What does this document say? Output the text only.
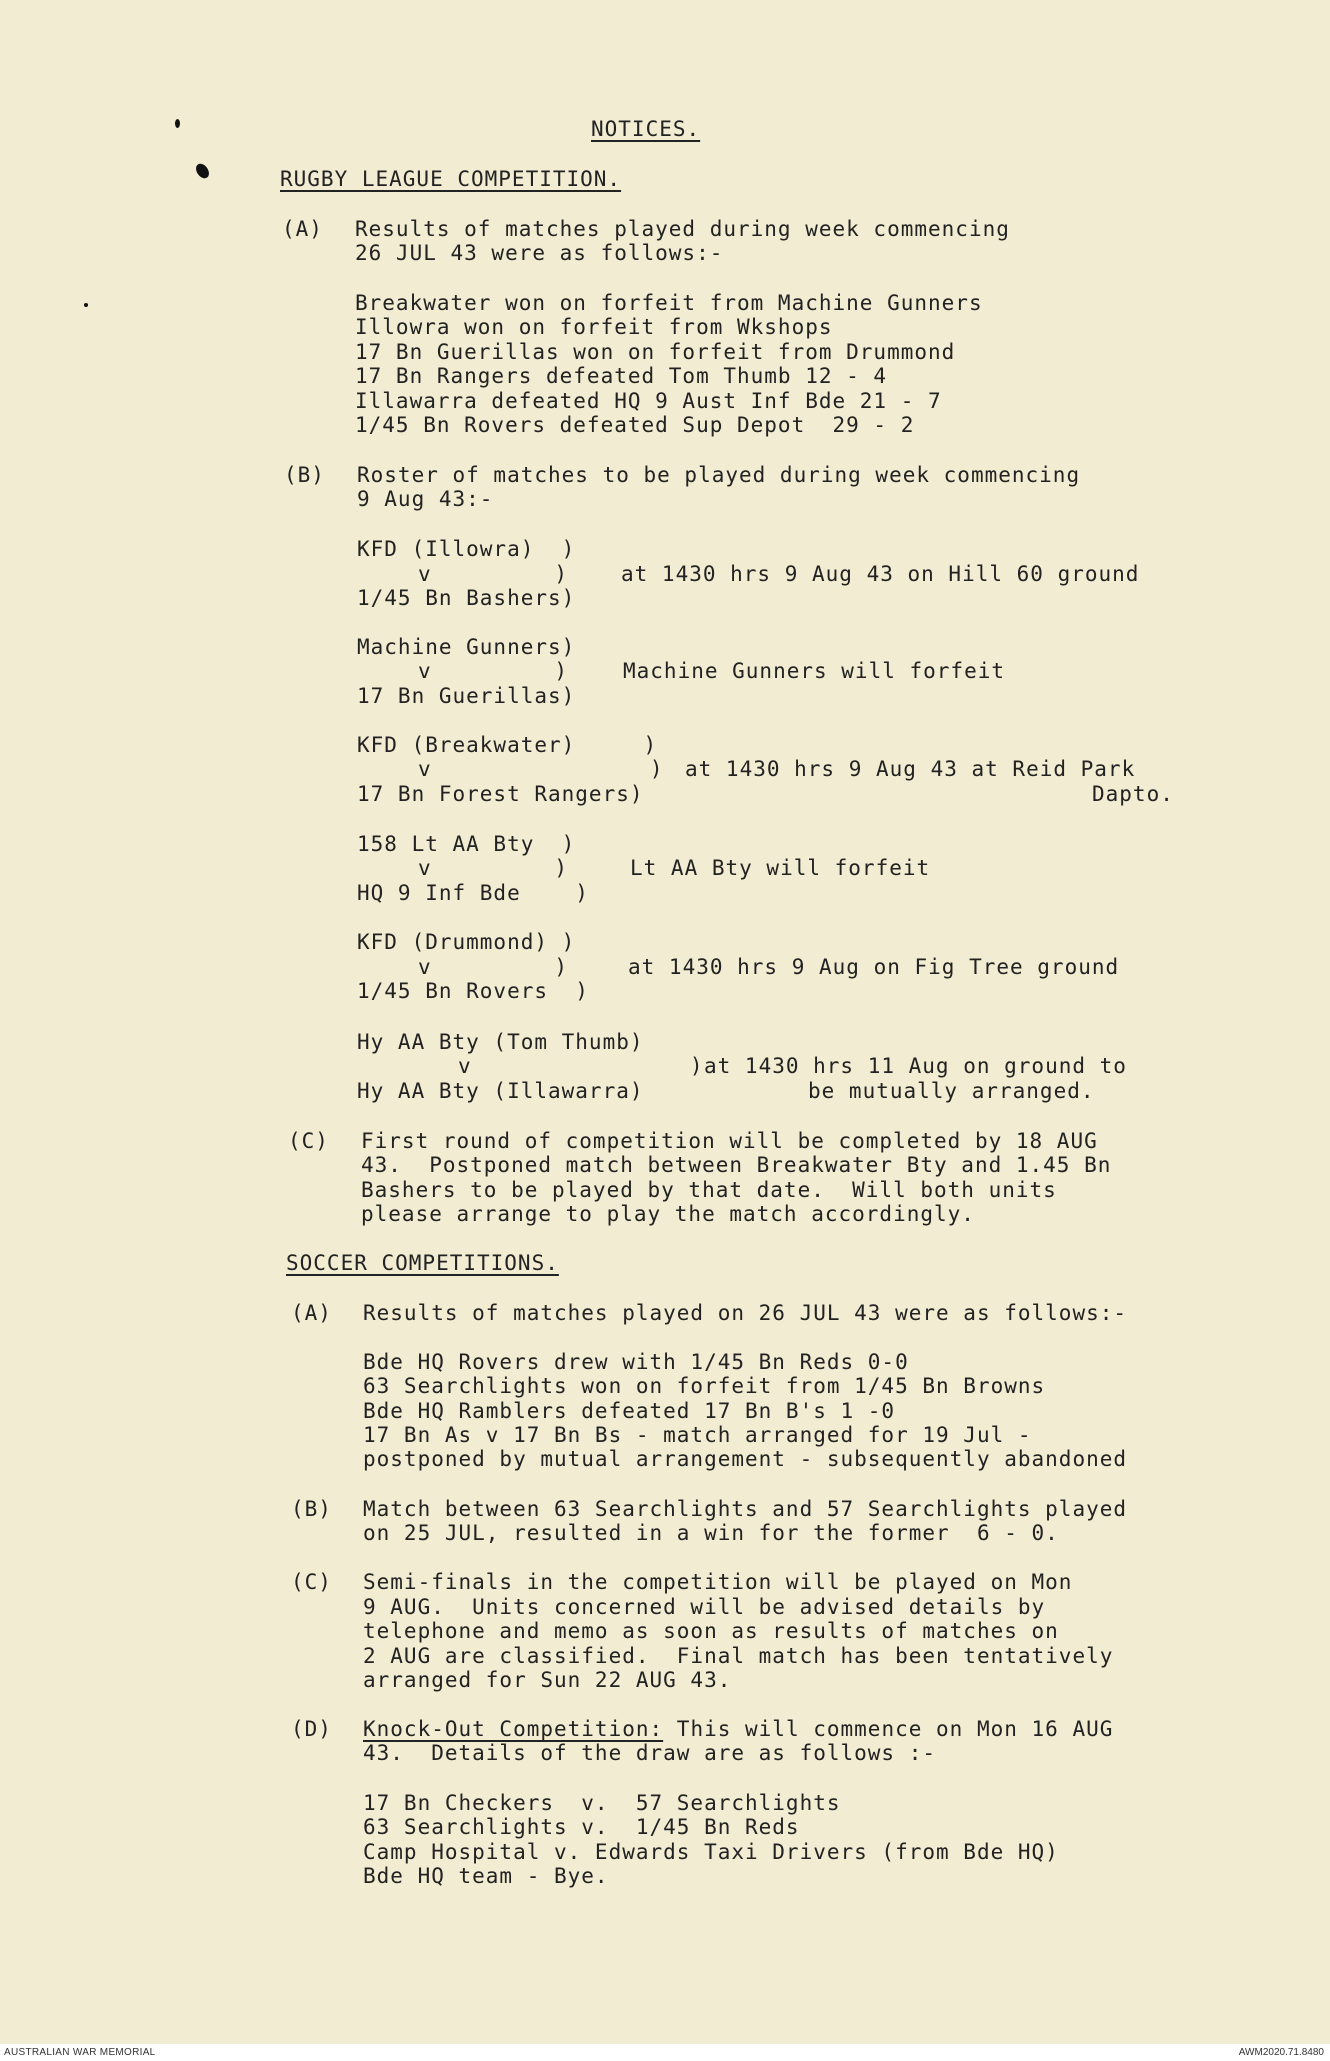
NOTICES.
RUGBY LEAGUE COMPETITION.
(A) Results of matches played during week commencing
26 JUL 43 were as follows:-
Breakwater won on forfeit from Machine Gunners
Illowra won on forfeit from Wkshops
17 Bn Guerillas won on forfeit from Drummond
17 Bn Rangers defeated Tom Thumb 12 - 4
Illawarra defeated HQ 9 Aust Inf Bde 21 - 7
1/45 Bn Rovers defeated Sup Depot  29 - 2
(B) Roster of matches to be played during week commencing
9 Aug 43:-
KFD (Illowra)  )
v         )	at 1430 hrs 9 Aug 43 on Hill 60 ground
1/45 Bn Bashers)
Machine Gunners)
v         )	Machine Gunners will forfeit
17 Bn Guerillas)
KFD (Breakwater)     )
v                ) at 1430 hrs 9 Aug 43 at Reid Park
17 Bn Forest Rangers)	Dapto.
158 Lt AA Bty  )
v         )	Lt AA Bty will forfeit
HQ 9 Inf Bde    )
KFD (Drummond) )
v         )	at 1430 hrs 9 Aug on Fig Tree ground
1/45 Bn Rovers  )
Hy AA Bty (Tom Thumb)
v                ) at 1430 hrs 11 Aug on ground to
Hy AA Bty (Illawarra)	be mutually arranged.
(C) First round of competition will be completed by 18 AUG
43.  Postponed match between Breakwater Bty and 1.45 Bn
Bashers to be played by that date.  Will both units
please arrange to play the match accordingly.
SOCCER COMPETITIONS.
(A) Results of matches played on 26 JUL 43 were as follows:-
Bde HQ Rovers drew with 1/45 Bn Reds 0-0
63 Searchlights won on forfeit from 1/45 Bn Browns
Bde HQ Ramblers defeated 17 Bn B's 1 -0
17 Bn As v 17 Bn Bs - match arranged for 19 Jul -
postponed by mutual arrangement - subsequently abandoned
(B) Match between 63 Searchlights and 57 Searchlights played
on 25 JUL, resulted in a win for the former  6 - 0.
(C) Semi-finals in the competition will be played on Mon
9 AUG.  Units concerned will be advised details by
telephone and memo as soon as results of matches on
2 AUG are classified.  Final match has been tentatively
arranged for Sun 22 AUG 43.
(D) Knock-Out Competition: This will commence on Mon 16 AUG
43.  Details of the draw are as follows :-
17 Bn Checkers  v.  57 Searchlights
63 Searchlights v.  1/45 Bn Reds
Camp Hospital v. Edwards Taxi Drivers (from Bde HQ)
Bde HQ team - Bye.
AUSTRALIAN WAR MEMORIAL	AWM2020.71.8480
